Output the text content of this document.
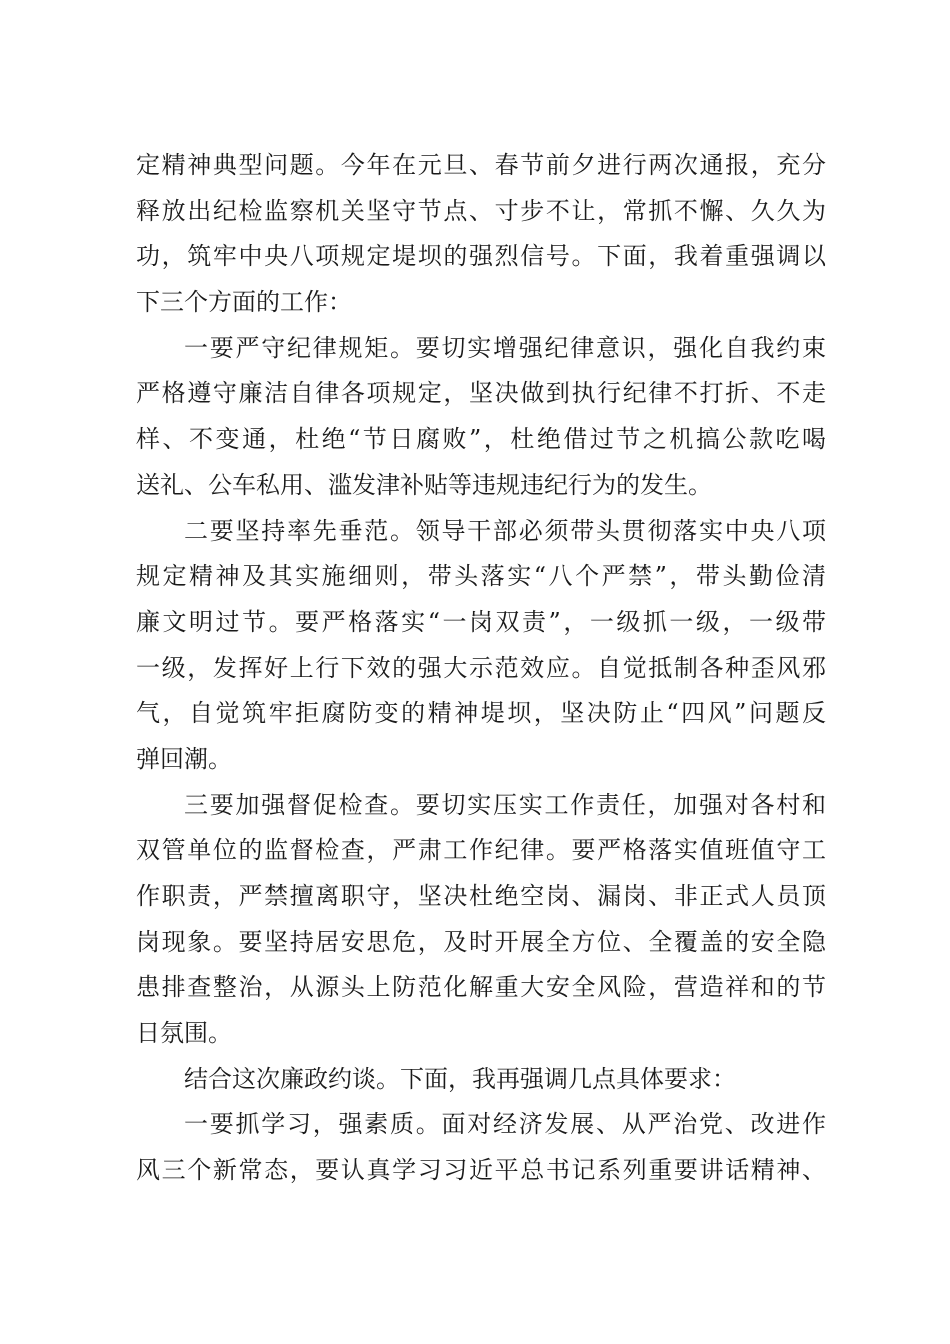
定精神典型问题。今年在元旦、春节前夕进行两次通报，充分
释放出纪检监察机关坚守节点、寸步不让，常抓不懈、久久为
功，筑牢中央八项规定堤坝的强烈信号。下面，我着重强调以
下三个方面的工作：
一要严守纪律规矩。要切实增强纪律意识，强化自我约束
严格遵守廉洁自律各项规定，坚决做到执行纪律不打折、不走
样、不变通，杜绝“节日腐败”，杜绝借过节之机搞公款吃喝
送礼、公车私用、滥发津补贴等违规违纪行为的发生。
二要坚持率先垂范。领导干部必须带头贯彻落实中央八项
规定精神及其实施细则，带头落实“八个严禁”，带头勤俭清
廉文明过节。要严格落实“一岗双责”，一级抓一级，一级带
一级，发挥好上行下效的强大示范效应。自觉抵制各种歪风邪
气，自觉筑牢拒腐防变的精神堤坝，坚决防止“四风”问题反
弹回潮。
三要加强督促检查。要切实压实工作责任，加强对各村和
双管单位的监督检查，严肃工作纪律。要严格落实值班值守工
作职责，严禁擅离职守，坚决杜绝空岗、漏岗、非正式人员顶
岗现象。要坚持居安思危，及时开展全方位、全覆盖的安全隐
患排查整治，从源头上防范化解重大安全风险，营造祥和的节
日氛围。
结合这次廉政约谈。下面，我再强调几点具体要求：
一要抓学习，强素质。面对经济发展、从严治党、改进作
风三个新常态，要认真学习习近平总书记系列重要讲话精神、
